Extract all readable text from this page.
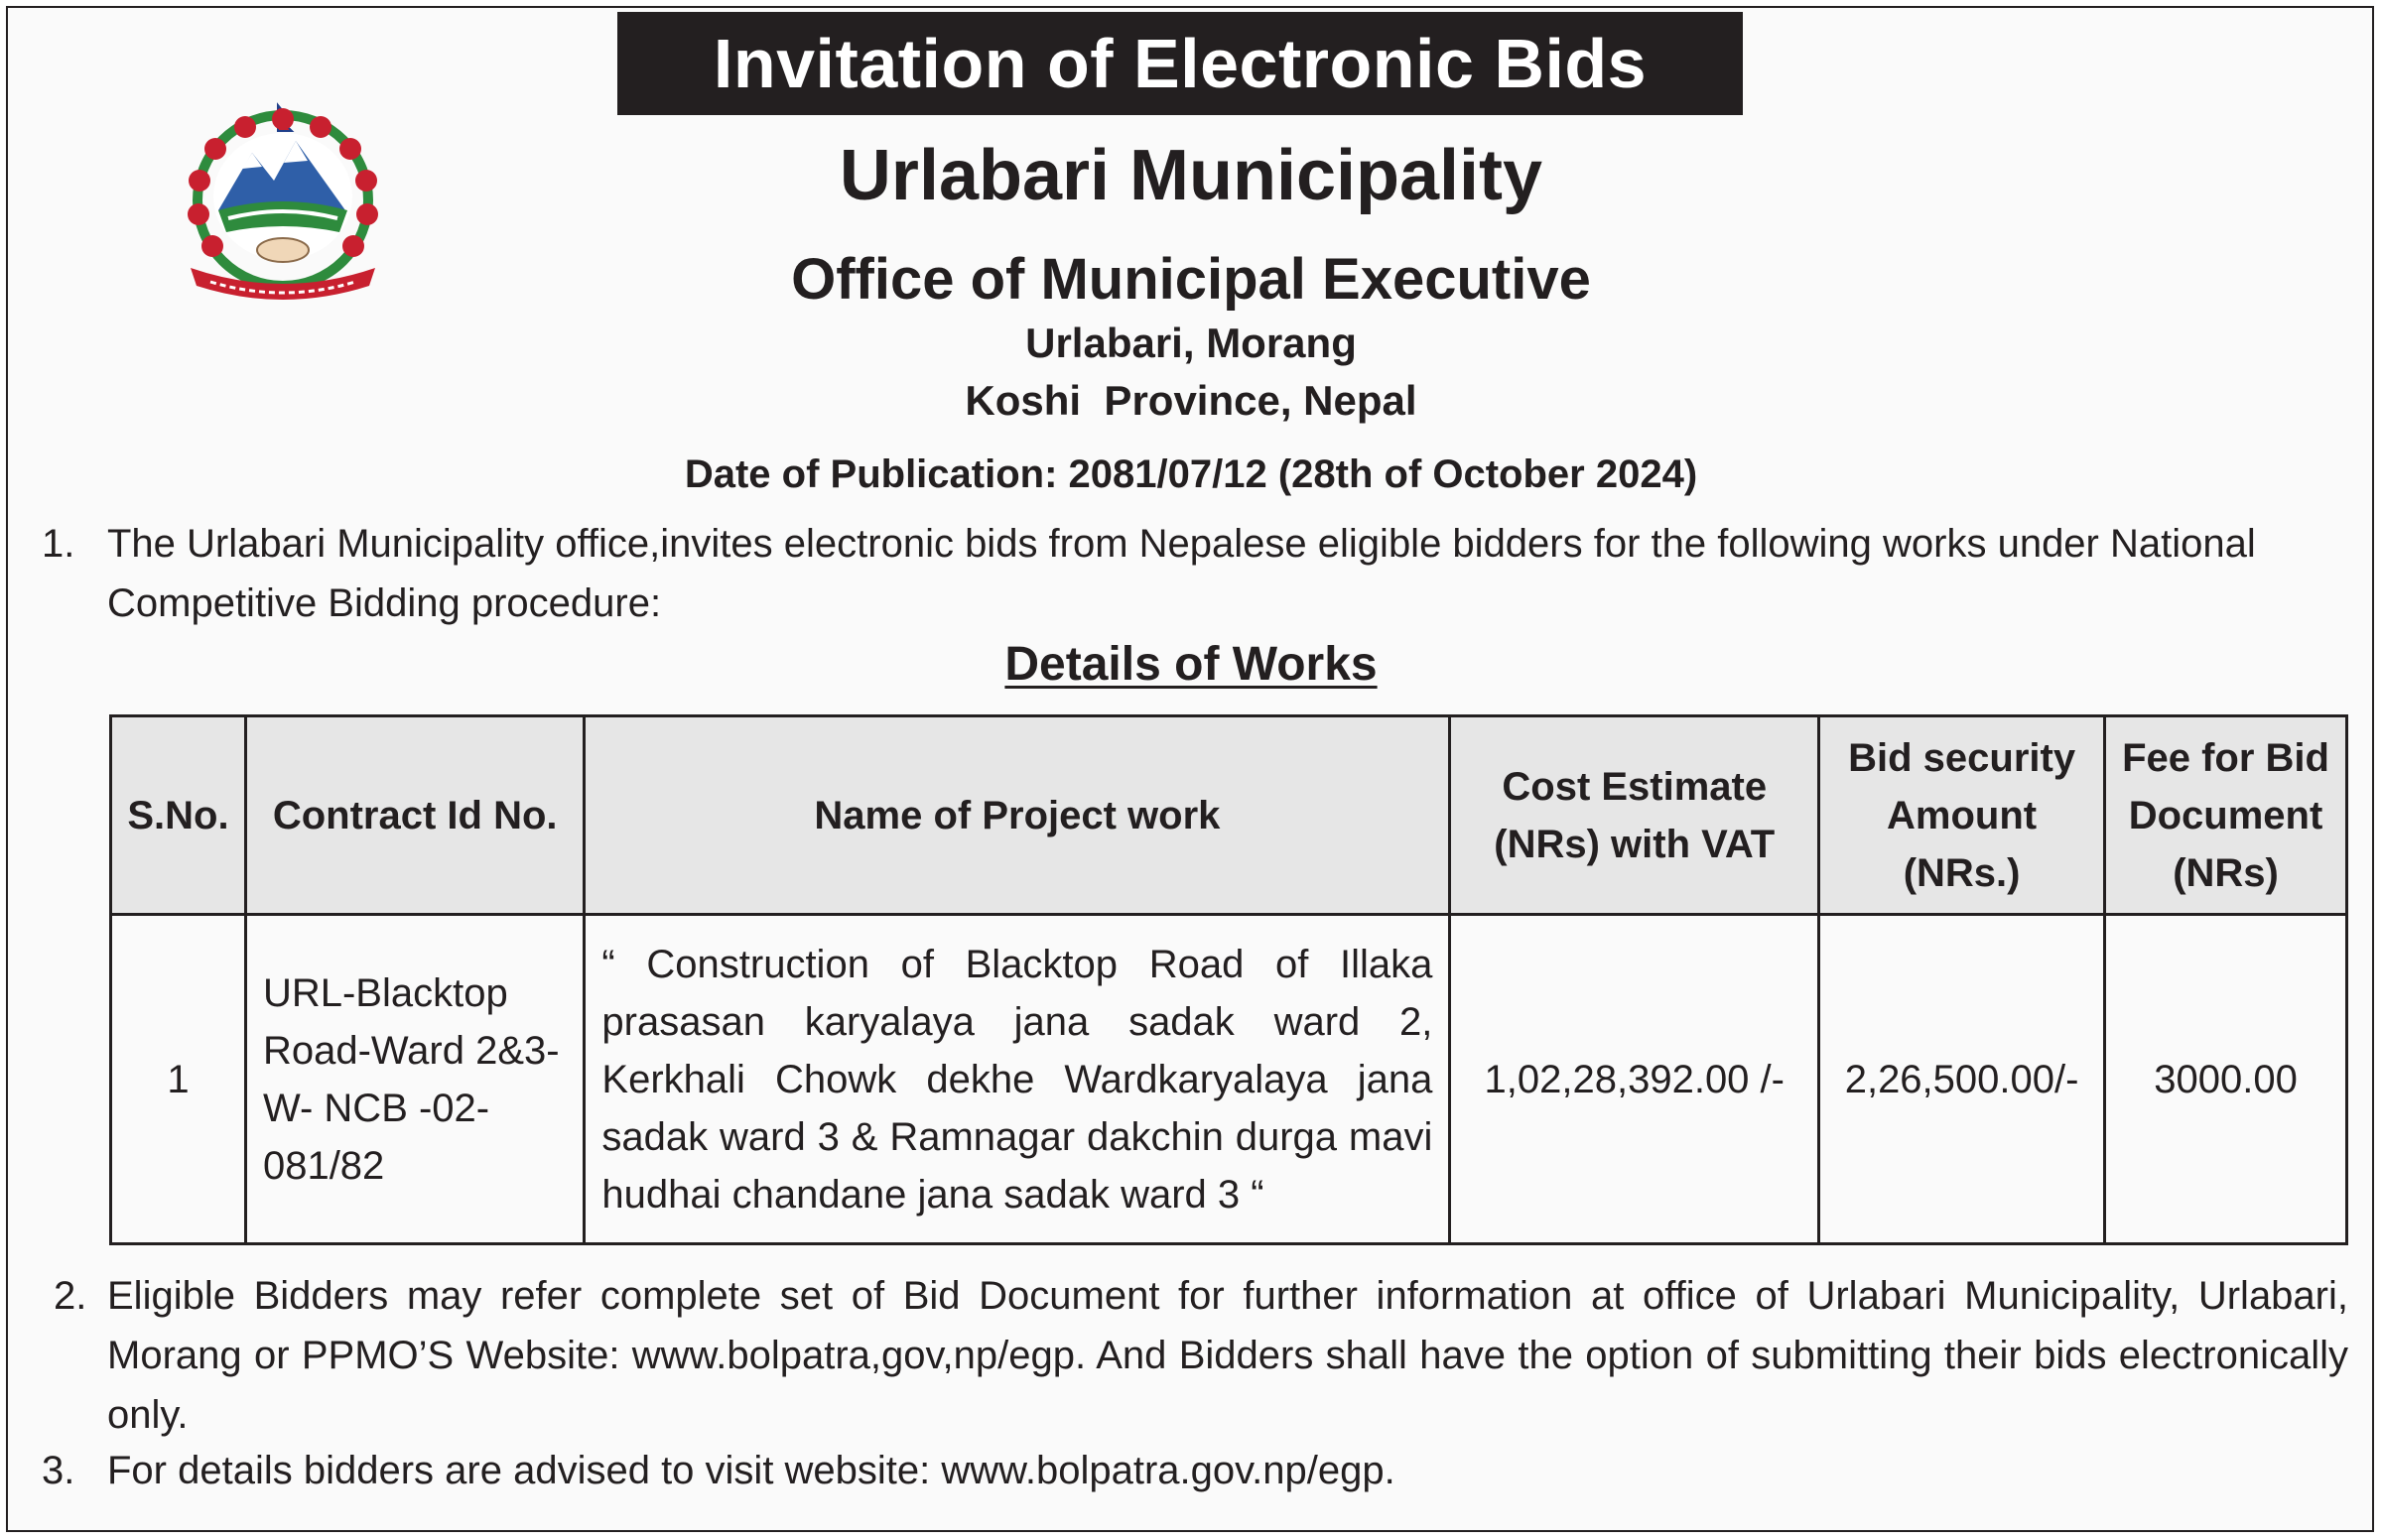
Invitation of Electronic Bids
Urlabari Municipality
Office of Municipal Executive
Urlabari, Morang
Koshi  Province, Nepal
Date of Publication: 2081/07/12 (28th of October 2024)
1. The Urlabari Municipality office,invites electronic bids from Nepalese eligible bidders for the following works under National Competitive Bidding procedure:
Details of Works
S.No.	Contract Id No.	Name of Project work	Cost Estimate (NRs) with VAT	Bid security Amount (NRs.)	Fee for Bid Document (NRs)
1	URL-Blacktop Road-Ward 2&3-W- NCB -02-081/82	“ Construction of Blacktop Road of Illaka prasasan karyalaya jana sadak ward 2, Kerkhali Chowk dekhe Wardkaryalaya jana sadak ward 3 & Ramnagar dakchin durga mavi hudhai chandane jana sadak ward 3 “	1,02,28,392.00 /-	2,26,500.00/-	3000.00
2. Eligible Bidders may refer complete set of Bid Document for further information at office of Urlabari Municipality, Urlabari, Morang or PPMO’S Website: www.bolpatra,gov,np/egp. And Bidders shall have the option of submitting their bids electronically only.
3. For details bidders are advised to visit website: www.bolpatra.gov.np/egp.
